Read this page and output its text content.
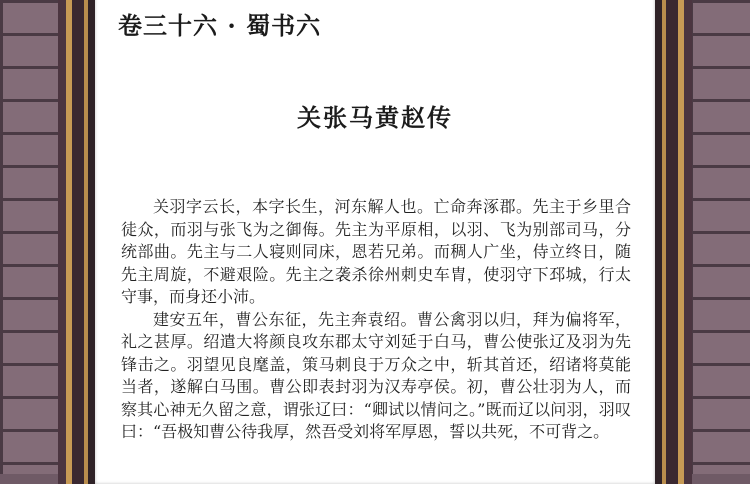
卷三十六 · 蜀书六
关张马黄赵传

关羽字云长，本字长生，河东解人也。亡命奔涿郡。先主于乡里合徒众，而羽与张飞为之御侮。先主为平原相，以羽、飞为别部司马，分统部曲。先主与二人寝则同床，恩若兄弟。而稠人广坐，侍立终日，随先主周旋，不避艰险。先主之袭杀徐州刺史车胄，使羽守下邳城，行太守事，而身还小沛。

建安五年，曹公东征，先主奔袁绍。曹公禽羽以归，拜为偏将军，礼之甚厚。绍遣大将颜良攻东郡太守刘延于白马，曹公使张辽及羽为先锋击之。羽望见良麾盖，策马刺良于万众之中，斩其首还，绍诸将莫能当者，遂解白马围。曹公即表封羽为汉寿亭侯。初，曹公壮羽为人，而察其心神无久留之意，谓张辽曰：“卿试以情问之。”既而辽以问羽，羽叹曰：“吾极知曹公待我厚，然吾受刘将军厚恩，誓以共死，不可背之。
